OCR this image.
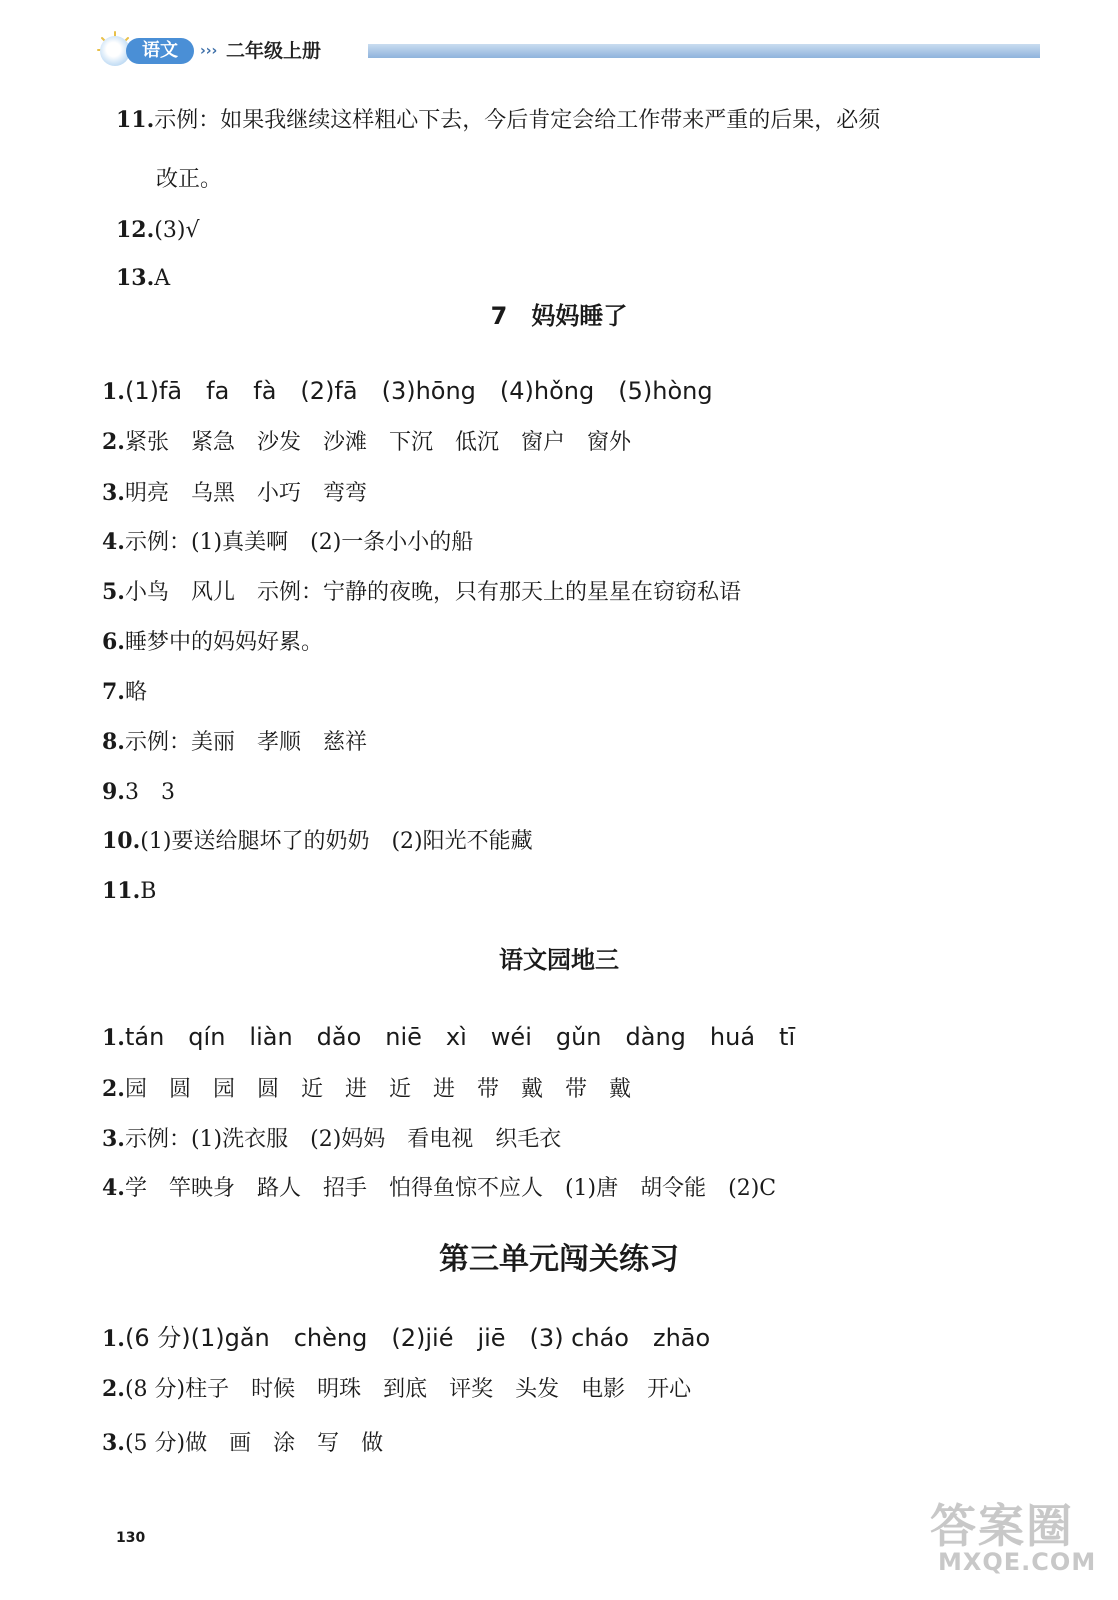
语文	››› 二年级上册

11.示例：如果我继续这样粗心下去，今后肯定会给工作带来严重的后果，必须

改正。

12.(3)√

13.A

7　妈妈睡了
1.(1)fā　fa　fà　(2)fā　(3)hōng　(4)hǒng　(5)hòng
2.紧张　紧急　沙发　沙滩　下沉　低沉　窗户　窗外
3.明亮　乌黑　小巧　弯弯
4.示例：(1)真美啊　(2)一条小小的船
5.小鸟　风儿　示例：宁静的夜晚，只有那天上的星星在窃窃私语
6.睡梦中的妈妈好累。
7.略
8.示例：美丽　孝顺　慈祥
9.3　3
10.(1)要送给腿坏了的奶奶　(2)阳光不能藏
11.B
语文园地三
1.tán　qín　liàn　dǎo　niē　xì　wéi　gǔn　dàng　huá　tī
2.园　圆　园　圆　近　进　近　进　带　戴　带　戴
3.示例：(1)洗衣服　(2)妈妈　看电视　织毛衣
4.学　竿映身　路人　招手　怕得鱼惊不应人　(1)唐　胡令能　(2)C
第三单元闯关练习
1.(6 分)(1)gǎn　chèng　(2)jié　jiē　(3) cháo　zhāo
2.(8 分)柱子　时候　明珠　到底　评奖　头发　电影　开心
3.(5 分)做　画　涂　写　做
130	答案圈
MXQE.COM
